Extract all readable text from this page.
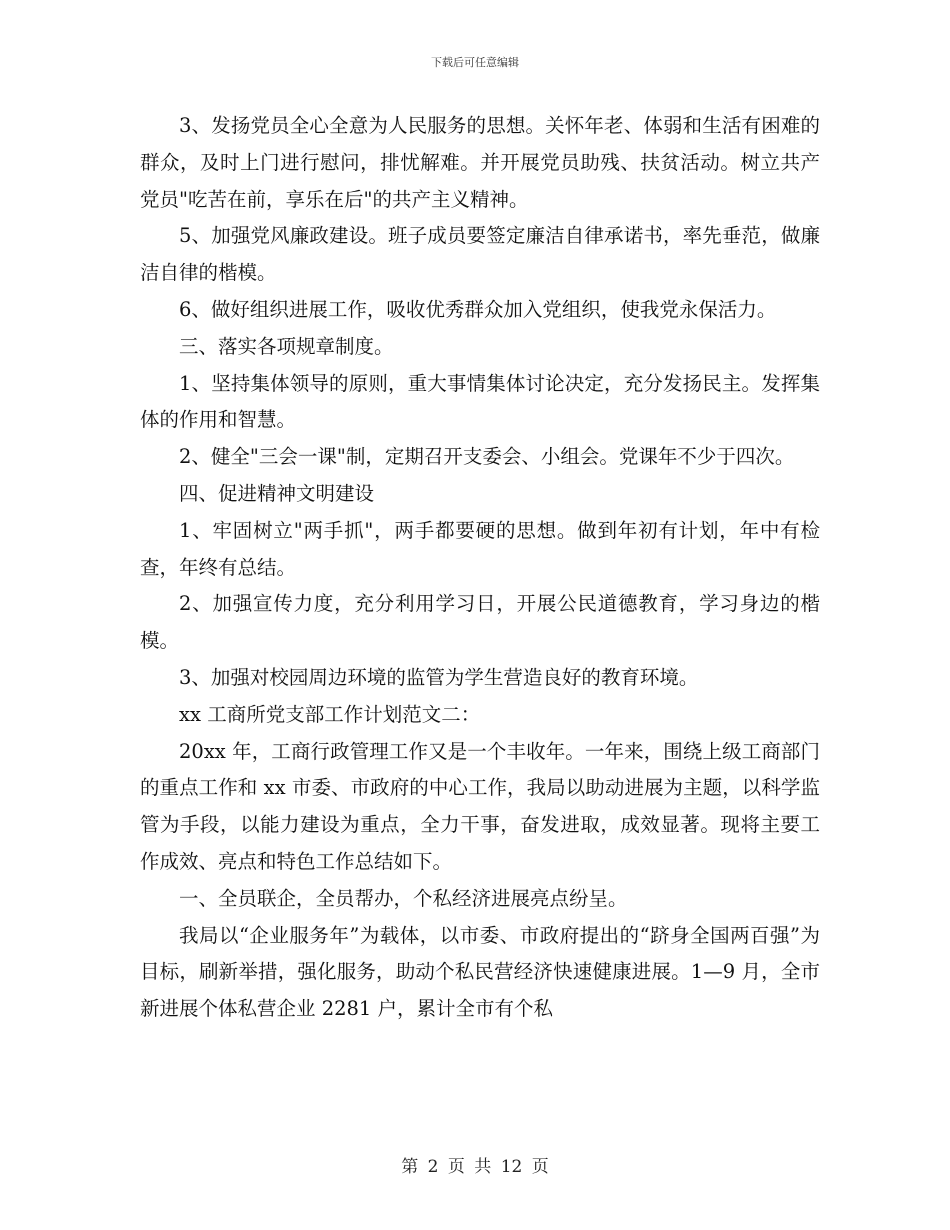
下载后可任意编辑

3、发扬党员全心全意为人民服务的思想。关怀年老、体弱和生活有困难的群众，及时上门进行慰问，排忧解难。并开展党员助残、扶贫活动。树立共产党员"吃苦在前，享乐在后"的共产主义精神。

5、加强党风廉政建设。班子成员要签定廉洁自律承诺书，率先垂范，做廉洁自律的楷模。

6、做好组织进展工作，吸收优秀群众加入党组织，使我党永保活力。

三、落实各项规章制度。

1、坚持集体领导的原则，重大事情集体讨论决定，充分发扬民主。发挥集体的作用和智慧。

2、健全"三会一课"制，定期召开支委会、小组会。党课年不少于四次。

四、促进精神文明建设

1、牢固树立"两手抓"，两手都要硬的思想。做到年初有计划，年中有检查，年终有总结。

2、加强宣传力度，充分利用学习日，开展公民道德教育，学习身边的楷模。

3、加强对校园周边环境的监管为学生营造良好的教育环境。

xx 工商所党支部工作计划范文二：

20xx 年，工商行政管理工作又是一个丰收年。一年来，围绕上级工商部门的重点工作和 xx 市委、市政府的中心工作，我局以助动进展为主题，以科学监管为手段，以能力建设为重点，全力干事，奋发进取，成效显著。现将主要工作成效、亮点和特色工作总结如下。

一、全员联企，全员帮办，个私经济进展亮点纷呈。

我局以“企业服务年”为载体，以市委、市政府提出的“跻身全国两百强”为目标，刷新举措，强化服务，助动个私民营经济快速健康进展。1—9 月，全市新进展个体私营企业 2281 户，累计全市有个私

第 2 页 共 12 页
